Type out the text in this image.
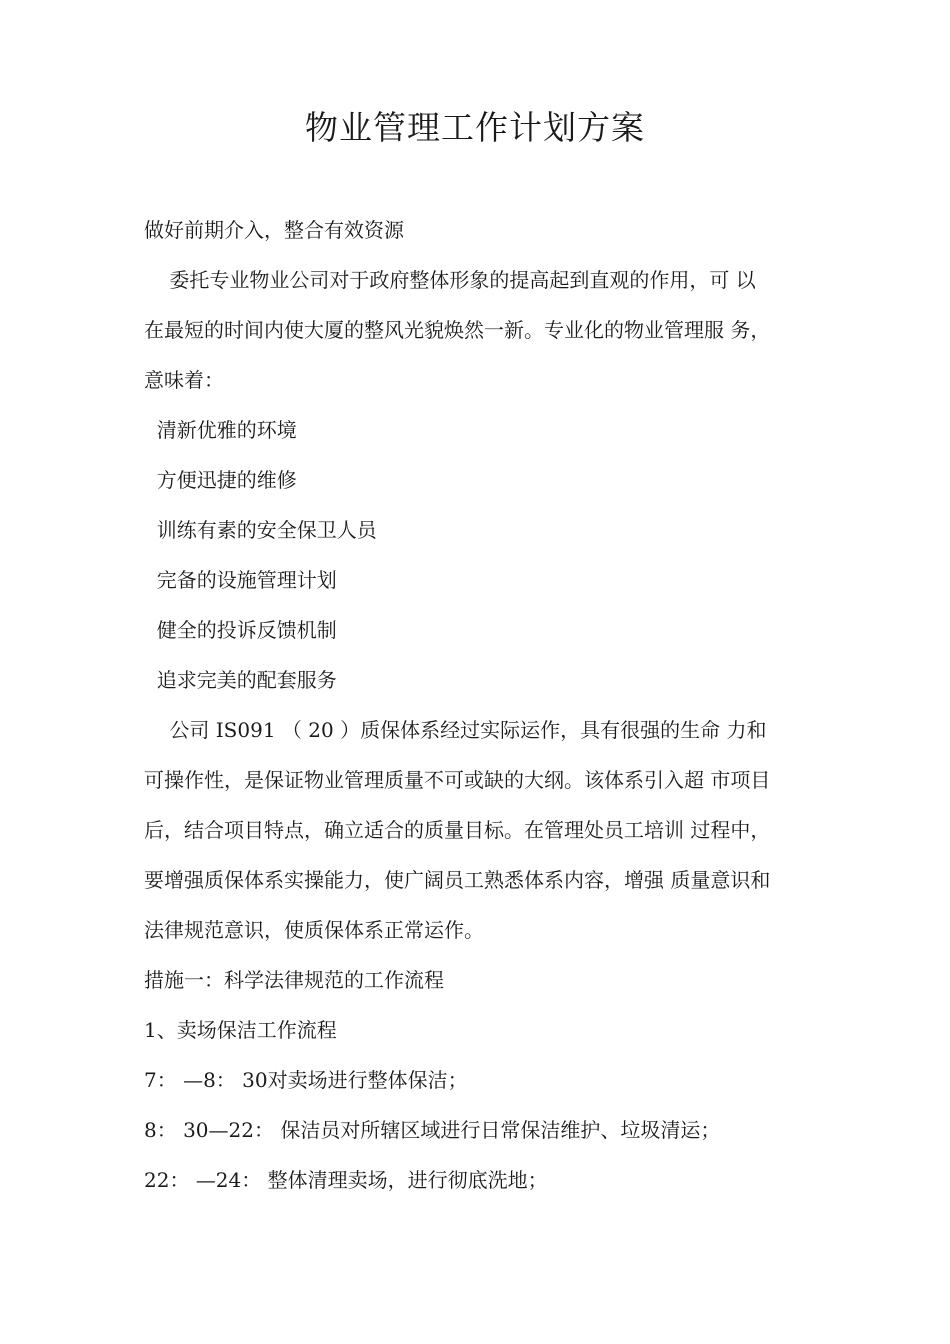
物业管理工作计划方案
做好前期介入，整合有效资源
委托专业物业公司对于政府整体形象的提高起到直观的作用，可 以
在最短的时间内使大厦的整风光貌焕然一新。专业化的物业管理服 务，
意味着：
清新优雅的环境
方便迅捷的维修
训练有素的安全保卫人员
完备的设施管理计划
健全的投诉反馈机制
追求完美的配套服务
公司 IS091 （ 20 ）质保体系经过实际运作，具有很强的生命 力和
可操作性，是保证物业管理质量不可或缺的大纲。该体系引入超 市项目
后，结合项目特点，确立适合的质量目标。在管理处员工培训 过程中，
要增强质保体系实操能力，使广阔员工熟悉体系内容，增强 质量意识和
法律规范意识，使质保体系正常运作。
措施一：科学法律规范的工作流程
1、卖场保洁工作流程
7： —8： 30对卖场进行整体保洁；
8： 30—22： 保洁员对所辖区域进行日常保洁维护、垃圾清运；
22： —24： 整体清理卖场，进行彻底洗地；
